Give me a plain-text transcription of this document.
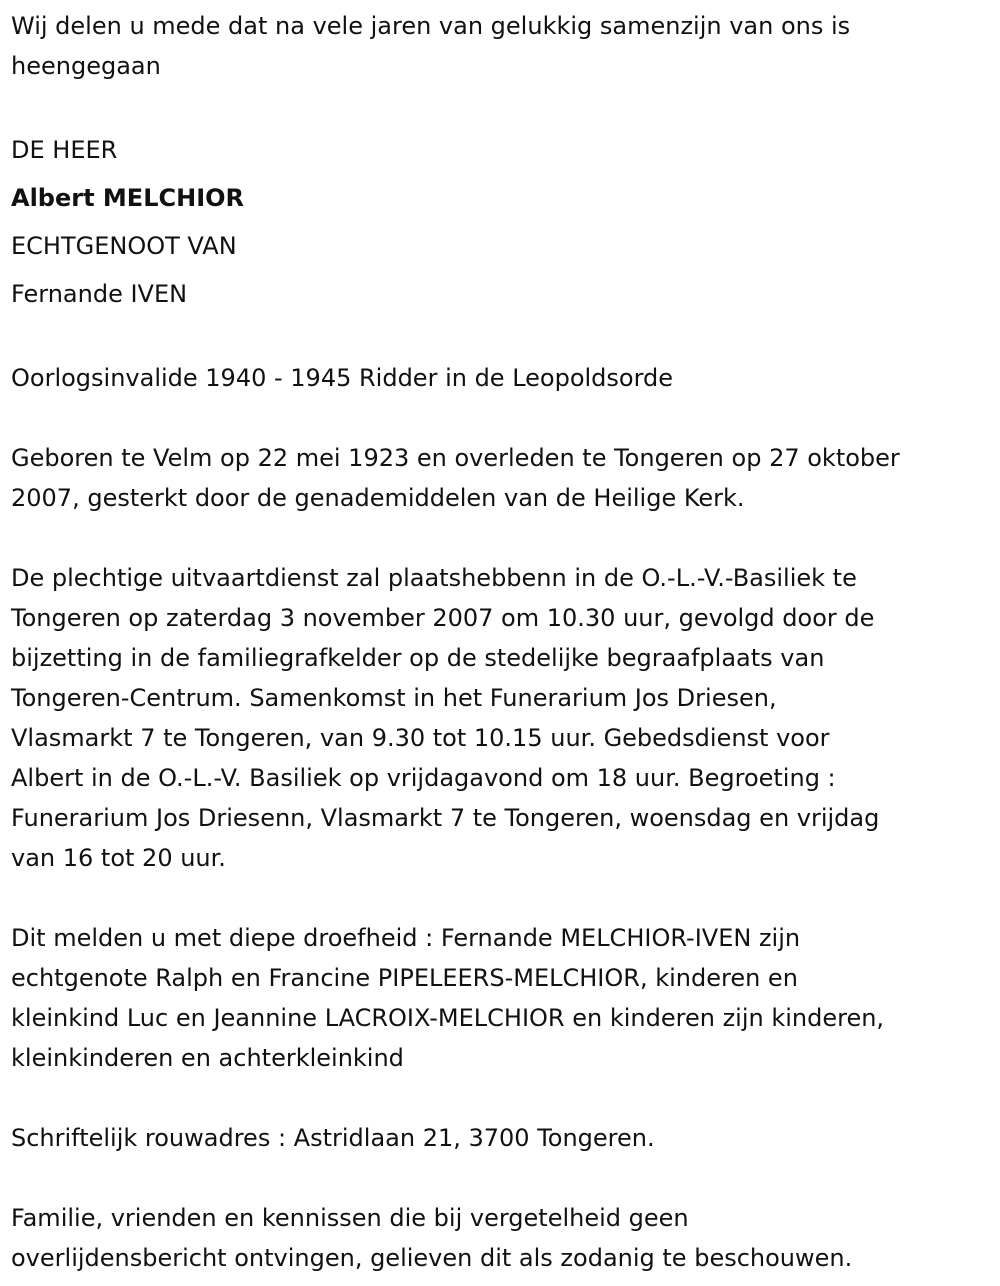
Wij delen u mede dat na vele jaren van gelukkig samenzijn van ons is
heengegaan
DE HEER
Albert MELCHIOR
ECHTGENOOT VAN
Fernande IVEN
Oorlogsinvalide 1940 - 1945 Ridder in de Leopoldsorde
Geboren te Velm op 22 mei 1923 en overleden te Tongeren op 27 oktober
2007, gesterkt door de genademiddelen van de Heilige Kerk.
De plechtige uitvaartdienst zal plaatshebbenn in de O.-L.-V.-Basiliek te
Tongeren op zaterdag 3 november 2007 om 10.30 uur, gevolgd door de
bijzetting in de familiegrafkelder op de stedelijke begraafplaats van
Tongeren-Centrum. Samenkomst in het Funerarium Jos Driesen,
Vlasmarkt 7 te Tongeren, van 9.30 tot 10.15 uur. Gebedsdienst voor
Albert in de O.-L.-V. Basiliek op vrijdagavond om 18 uur. Begroeting :
Funerarium Jos Driesenn, Vlasmarkt 7 te Tongeren, woensdag en vrijdag
van 16 tot 20 uur.
Dit melden u met diepe droefheid : Fernande MELCHIOR-IVEN zijn
echtgenote Ralph en Francine PIPELEERS-MELCHIOR, kinderen en
kleinkind Luc en Jeannine LACROIX-MELCHIOR en kinderen zijn kinderen,
kleinkinderen en achterkleinkind
Schriftelijk rouwadres : Astridlaan 21, 3700 Tongeren.
Familie, vrienden en kennissen die bij vergetelheid geen
overlijdensbericht ontvingen, gelieven dit als zodanig te beschouwen.
